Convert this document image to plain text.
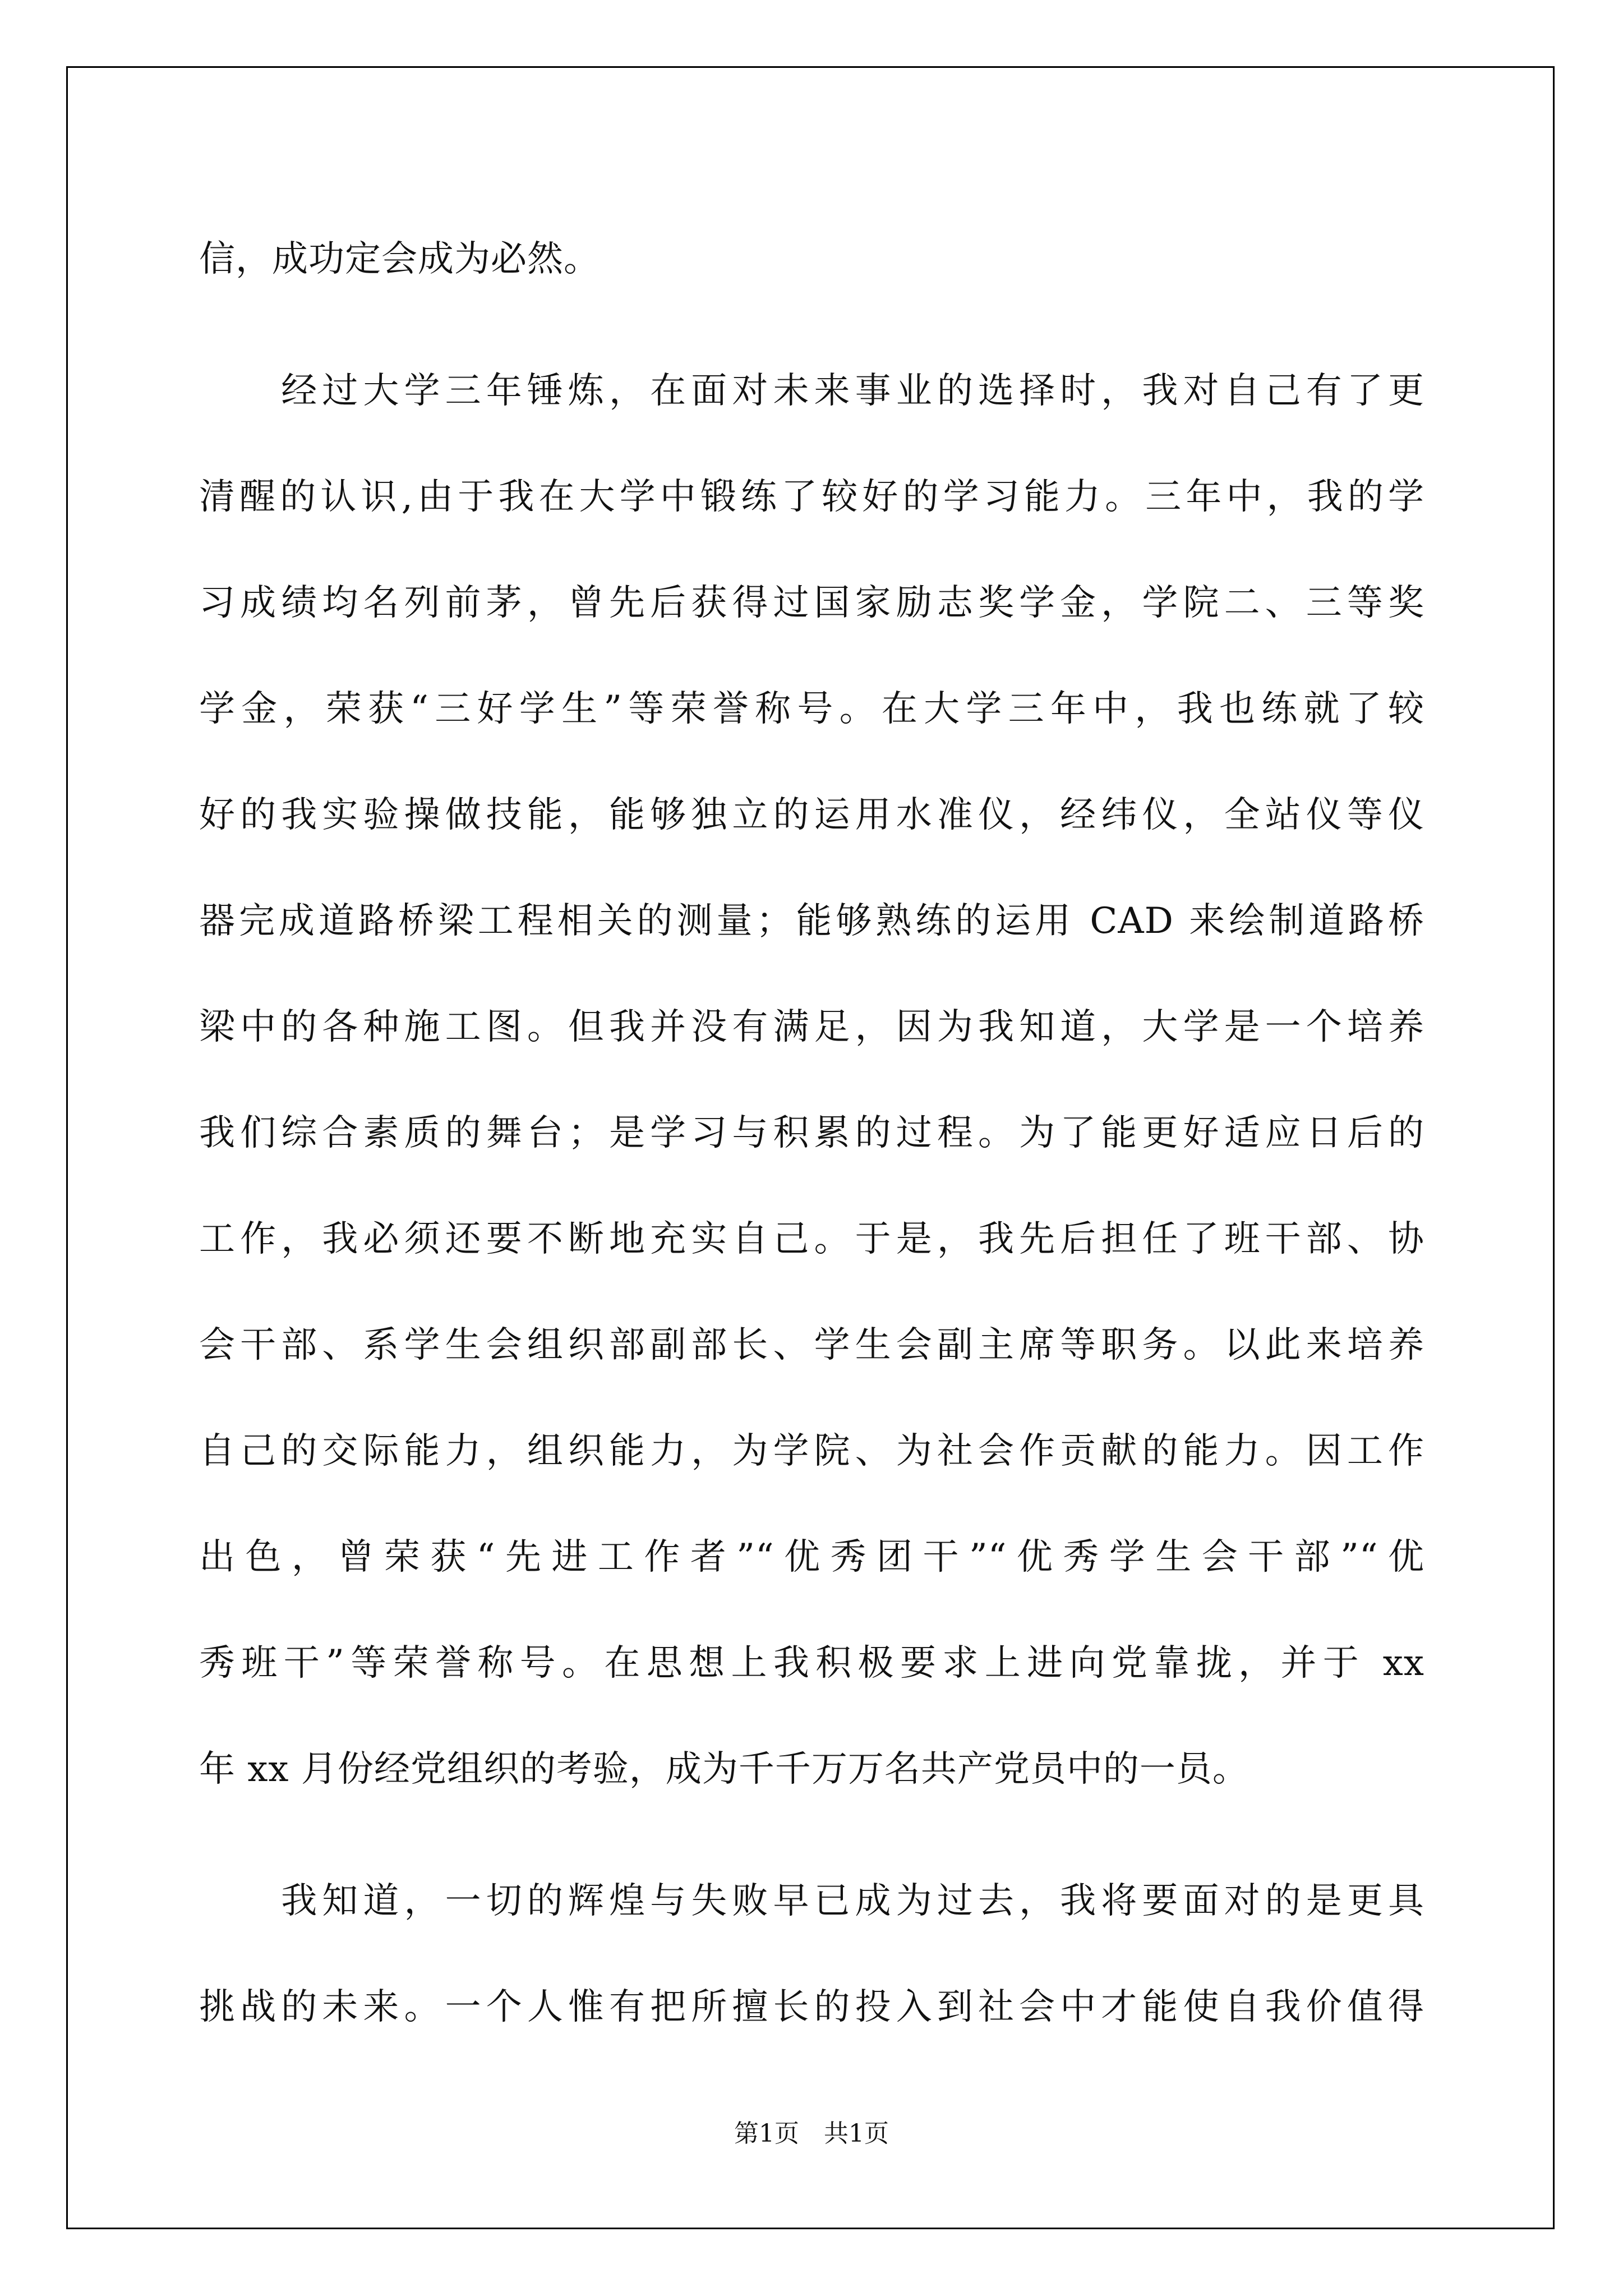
信，成功定会成为必然。
　　经过大学三年锤炼，在面对未来事业的选择时，我对自己有了更
清醒的认识,由于我在大学中锻练了较好的学习能力。三年中，我的学
习成绩均名列前茅，曾先后获得过国家励志奖学金，学院二、三等奖
学金，荣获“三好学生”等荣誉称号。在大学三年中，我也练就了较
好的我实验操做技能，能够独立的运用水准仪，经纬仪，全站仪等仪
器完成道路桥梁工程相关的测量；能够熟练的运用 CAD 来绘制道路桥
梁中的各种施工图。但我并没有满足，因为我知道，大学是一个培养
我们综合素质的舞台；是学习与积累的过程。为了能更好适应日后的
工作，我必须还要不断地充实自己。于是，我先后担任了班干部、协
会干部、系学生会组织部副部长、学生会副主席等职务。以此来培养
自己的交际能力，组织能力，为学院、为社会作贡献的能力。因工作
出色，曾荣获“先进工作者”“优秀团干”“优秀学生会干部”“优
秀班干”等荣誉称号。在思想上我积极要求上进向党靠拢，并于 xx
年 xx 月份经党组织的考验，成为千千万万名共产党员中的一员。
　　我知道，一切的辉煌与失败早已成为过去，我将要面对的是更具
挑战的未来。一个人惟有把所擅长的投入到社会中才能使自我价值得
第1页　共1页
